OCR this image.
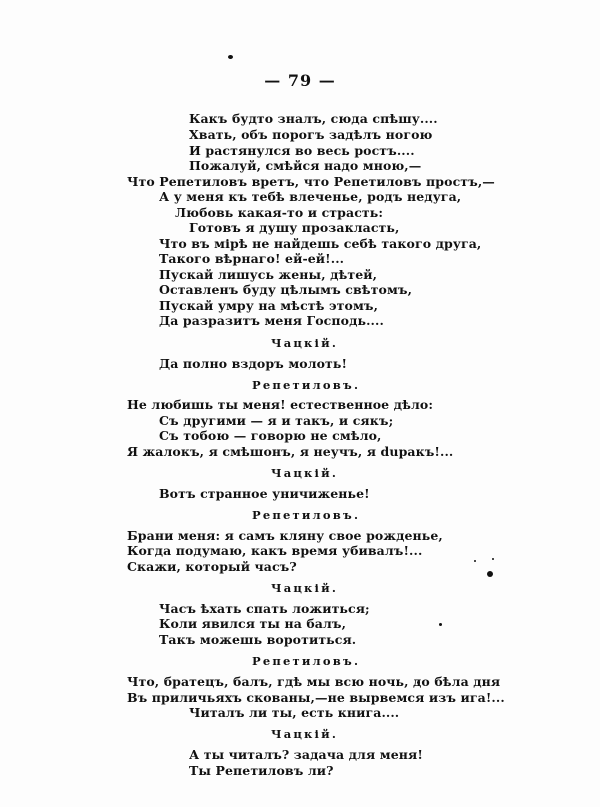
— 79 —
Какъ будто зналъ, сюда спѣшу....
Хвать, объ порогъ задѣлъ ногою
И растянулся во весь ростъ....
Пожалуй, смѣйся надо мною,—
Что Репетиловъ вретъ, что Репетиловъ простъ,—
А у меня къ тебѣ влеченье, родъ недуга,
Любовь какая-то и страсть:
Готовъ я душу прозакласть,
Что въ мірѣ не найдешь себѣ такого друга,
Такого вѣрнаго! ей-ей!...
Пускай лишусь жены, дѣтей,
Оставленъ буду цѣлымъ свѣтомъ,
Пускай умру на мѣстѣ этомъ,
Да разразитъ меня Господь....
Чацкій.
Да полно вздоръ молоть!
Репетиловъ.
Не любишь ты меня! естественное дѣло:
Съ другими — я и такъ, и сякъ;
Съ тобою — говорю не смѣло,
Я жалокъ, я смѣшонъ, я неучъ, я duракъ!...
Чацкій.
Вотъ странное уничиженье!
Репетиловъ.
Брани меня: я самъ кляну свое рожденье,
Когда подумаю, какъ время убивалъ!...
Скажи, который часъ?
Чацкій.
Часъ ѣхать спать ложиться;
Коли явился ты на балъ,
Такъ можешь воротиться.
Репетиловъ.
Что, братецъ, балъ, гдѣ мы всю ночь, до бѣла дня
Въ приличьяхъ скованы,—не вырвемся изъ ига!...
Читалъ ли ты, есть книга....
Чацкій.
А ты читалъ? задача для меня!
Ты Репетиловъ ли?
